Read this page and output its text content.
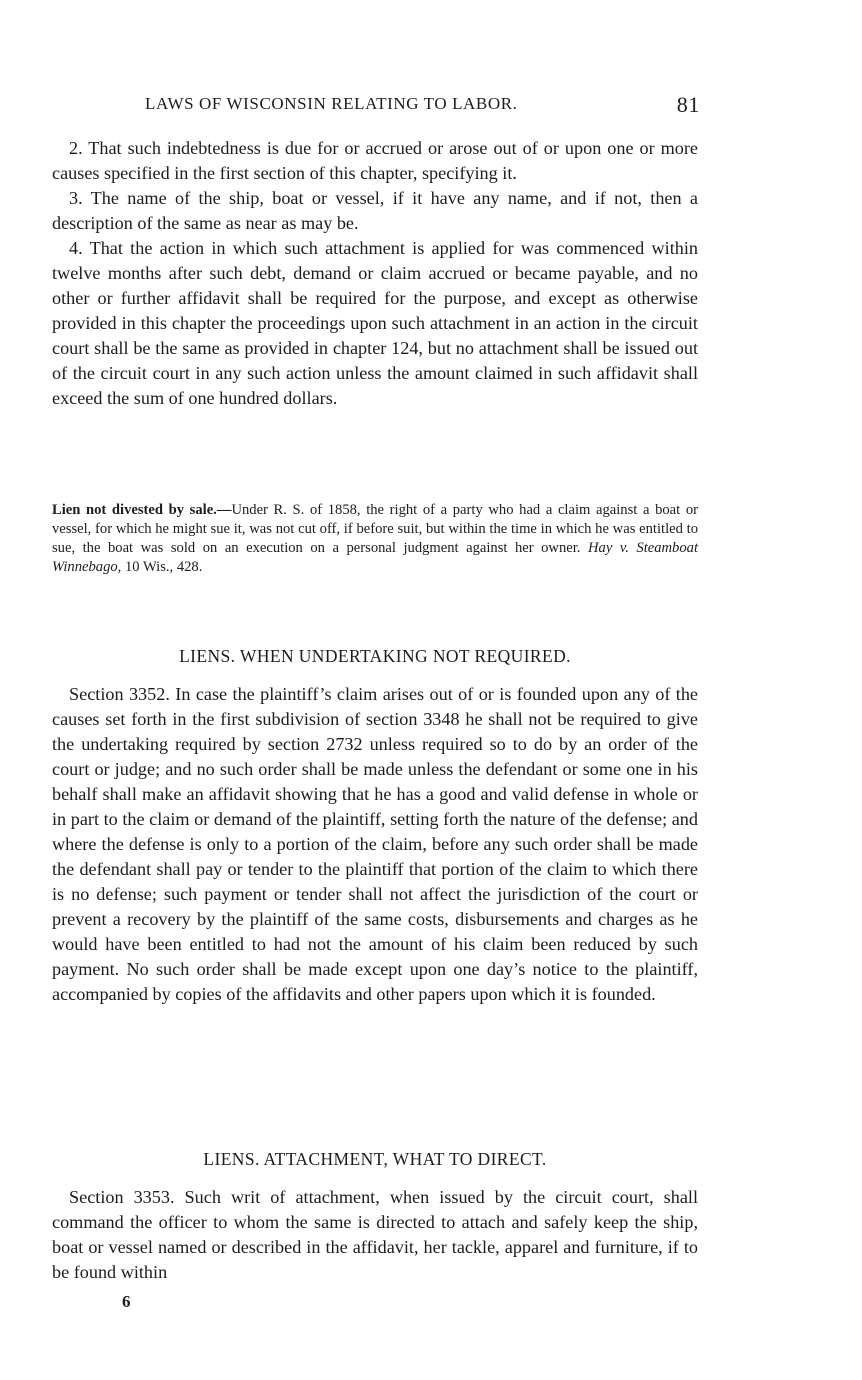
LAWS OF WISCONSIN RELATING TO LABOR.	81

2. That such indebtedness is due for or accrued or arose out of or upon one or more causes specified in the first section of this chapter, specifying it.

3. The name of the ship, boat or vessel, if it have any name, and if not, then a description of the same as near as may be.

4. That the action in which such attachment is applied for was commenced within twelve months after such debt, demand or claim accrued or became payable, and no other or further affidavit shall be required for the purpose, and except as otherwise provided in this chapter the proceedings upon such attachment in an action in the circuit court shall be the same as provided in chapter 124, but no attachment shall be issued out of the circuit court in any such action unless the amount claimed in such affidavit shall exceed the sum of one hundred dollars.

Lien not divested by sale.—Under R. S. of 1858, the right of a party who had a claim against a boat or vessel, for which he might sue it, was not cut off, if before suit, but within the time in which he was entitled to sue, the boat was sold on an execution on a personal judgment against her owner. Hay v. Steamboat Winnebago, 10 Wis., 428.
LIENS. WHEN UNDERTAKING NOT REQUIRED.

Section 3352. In case the plaintiff’s claim arises out of or is founded upon any of the causes set forth in the first subdivision of section 3348 he shall not be required to give the undertaking required by section 2732 unless required so to do by an order of the court or judge; and no such order shall be made unless the defendant or some one in his behalf shall make an affidavit showing that he has a good and valid defense in whole or in part to the claim or demand of the plaintiff, setting forth the nature of the defense; and where the defense is only to a portion of the claim, before any such order shall be made the defendant shall pay or tender to the plaintiff that portion of the claim to which there is no defense; such payment or tender shall not affect the jurisdiction of the court or prevent a recovery by the plaintiff of the same costs, disbursements and charges as he would have been entitled to had not the amount of his claim been reduced by such payment. No such order shall be made except upon one day’s notice to the plaintiff, accompanied by copies of the affidavits and other papers upon which it is founded.

LIENS. ATTACHMENT, WHAT TO DIRECT.

Section 3353. Such writ of attachment, when issued by the circuit court, shall command the officer to whom the same is directed to attach and safely keep the ship, boat or vessel named or described in the affidavit, her tackle, apparel and furniture, if to be found within

6
